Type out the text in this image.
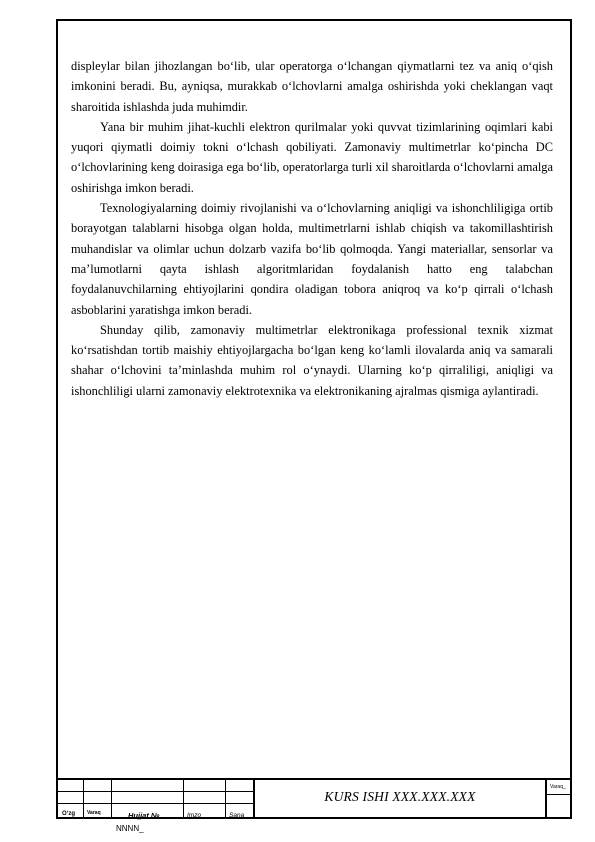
displeylar bilan jihozlangan bo‘lib, ular operatorga o‘lchangan qiymatlarni tez va aniq o‘qish imkonini beradi. Bu, ayniqsa, murakkab o‘lchovlarni amalga oshirishda yoki cheklangan vaqt sharoitida ishlashda juda muhimdir.

Yana bir muhim jihat-kuchli elektron qurilmalar yoki quvvat tizimlarining oqimlari kabi yuqori qiymatli doimiy tokni o‘lchash qobiliyati. Zamonaviy multimetrlar ko‘pincha DC o‘lchovlarining keng doirasiga ega bo‘lib, operatorlarga turli xil sharoitlarda o‘lchovlarni amalga oshirishga imkon beradi.

Texnologiyalarning doimiy rivojlanishi va o‘lchovlarning aniqligi va ishonchliligiga ortib borayotgan talablarni hisobga olgan holda, multimetrlarni ishlab chiqish va takomillashtirish muhandislar va olimlar uchun dolzarb vazifa bo‘lib qolmoqda. Yangi materiallar, sensorlar va ma’lumotlarni qayta ishlash algoritmlaridan foydalanish hatto eng talabchan foydalanuvchilarning ehtiyojlarini qondira oladigan tobora aniqroq va ko‘p qirrali o‘lchash asboblarini yaratishga imkon beradi.

Shunday qilib, zamonaviy multimetrlar elektronikaga professional texnik xizmat ko‘rsatishdan tortib maishiy ehtiyojlargacha bo‘lgan keng ko‘lamli ilovalarda aniq va samarali shahar o‘lchovini ta’minlashda muhim rol o‘ynaydi. Ularning ko‘p qirraliligi, aniqligi va ishonchliligi ularni zamonaviy elektrotexnika va elektronikaning ajralmas qismiga aylantiradi.

O‘zg Varaq	Hujjat №	Imzo	Sana _
KURS ISHI XXX.XXX.XXX
Varaq_
NNNN_
